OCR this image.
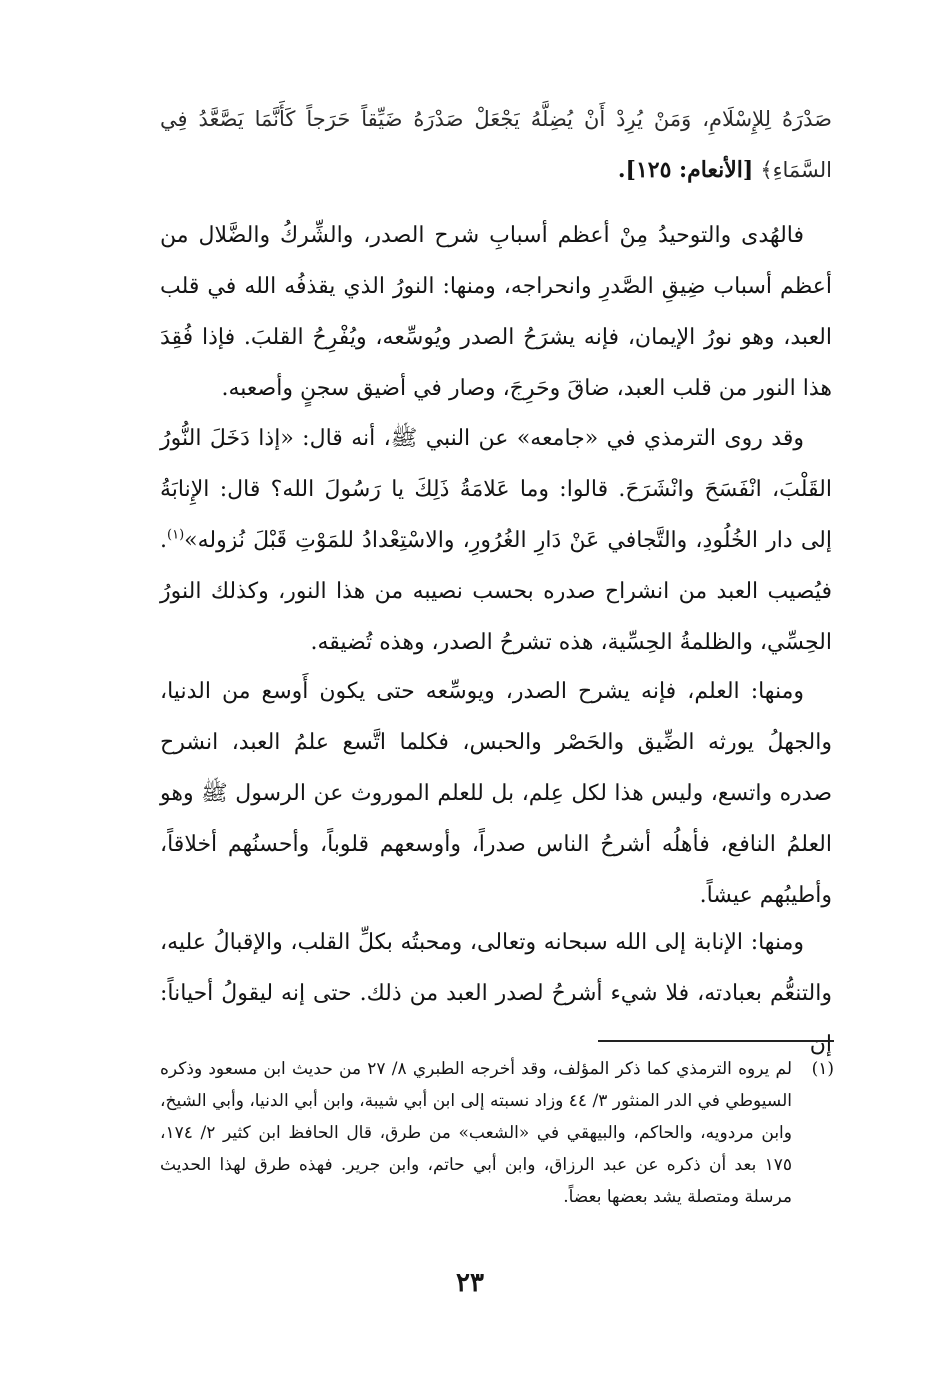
صَدْرَهُ لِلإِسْلَامِ، وَمَنْ يُرِدْ أَنْ يُضِلَّهُ يَجْعَلْ صَدْرَهُ ضَيِّقاً حَرَجاً كَأَنَّمَا يَصَّعَّدُ فِي السَّمَاءِ﴾ [الأنعام: ١٢٥].

فالهُدى والتوحيدُ مِنْ أعظم أسبابِ شرح الصدر، والشِّركُ والضَّلال من أعظم أسباب ضِيقِ الصَّدرِ وانحراجه، ومنها: النورُ الذي يقذفُه الله في قلب العبد، وهو نورُ الإيمان، فإنه يشرَحُ الصدر ويُوسِّعه، ويُفْرِحُ القلبَ. فإذا فُقِدَ هذا النور من قلب العبد، ضاقَ وحَرِجَ، وصار في أضيق سجنٍ وأصعبه.

وقد روى الترمذي في «جامعه» عن النبي ﷺ، أنه قال: «إذا دَخَلَ النُّورُ القَلْبَ، انْفَسَحَ وانْشَرَحَ. قالوا: وما عَلامَةُ ذَلِكَ يا رَسُولَ الله؟ قال: الإِنابَةُ إلى دار الخُلُودِ، والتَّجافي عَنْ دَارِ الغُرُورِ، والاسْتِعْدادُ للمَوْتِ قَبْلَ نُزوله»$^{(١)}$. فيُصيب العبد من انشراح صدره بحسب نصيبه من هذا النور، وكذلك النورُ الحِسِّي، والظلمةُ الحِسِّية، هذه تشرحُ الصدر، وهذه تُضيقه.

ومنها: العلم، فإنه يشرح الصدر، ويوسِّعه حتى يكون أَوسع من الدنيا، والجهلُ يورثه الضِّيق والحَصْر والحبس، فكلما اتَّسع علمُ العبد، انشرح صدره واتسع، وليس هذا لكل عِلم، بل للعلم الموروث عن الرسول ﷺ وهو العلمُ النافع، فأهلُه أشرحُ الناس صدراً، وأوسعهم قلوباً، وأحسنُهم أخلاقاً، وأطيبُهم عيشاً.

ومنها: الإنابة إلى الله سبحانه وتعالى، ومحبتُه بكلِّ القلب، والإقبالُ عليه، والتنعُّم بعبادته، فلا شيء أشرحُ لصدر العبد من ذلك. حتى إنه ليقولُ أحياناً: إن

(١)
لم يروه الترمذي كما ذكر المؤلف، وقد أخرجه الطبري ٨/ ٢٧ من حديث ابن مسعود وذكره السيوطي في الدر المنثور ٣/ ٤٤ وزاد نسبته إلى ابن أبي شيبة، وابن أبي الدنيا، وأبي الشيخ، وابن مردويه، والحاكم، والبيهقي في «الشعب» من طرق، قال الحافظ ابن كثير ٢/ ١٧٤، ١٧٥ بعد أن ذكره عن عبد الرزاق، وابن أبي حاتم، وابن جرير. فهذه طرق لهذا الحديث مرسلة ومتصلة يشد بعضها بعضاً.
٢٣
